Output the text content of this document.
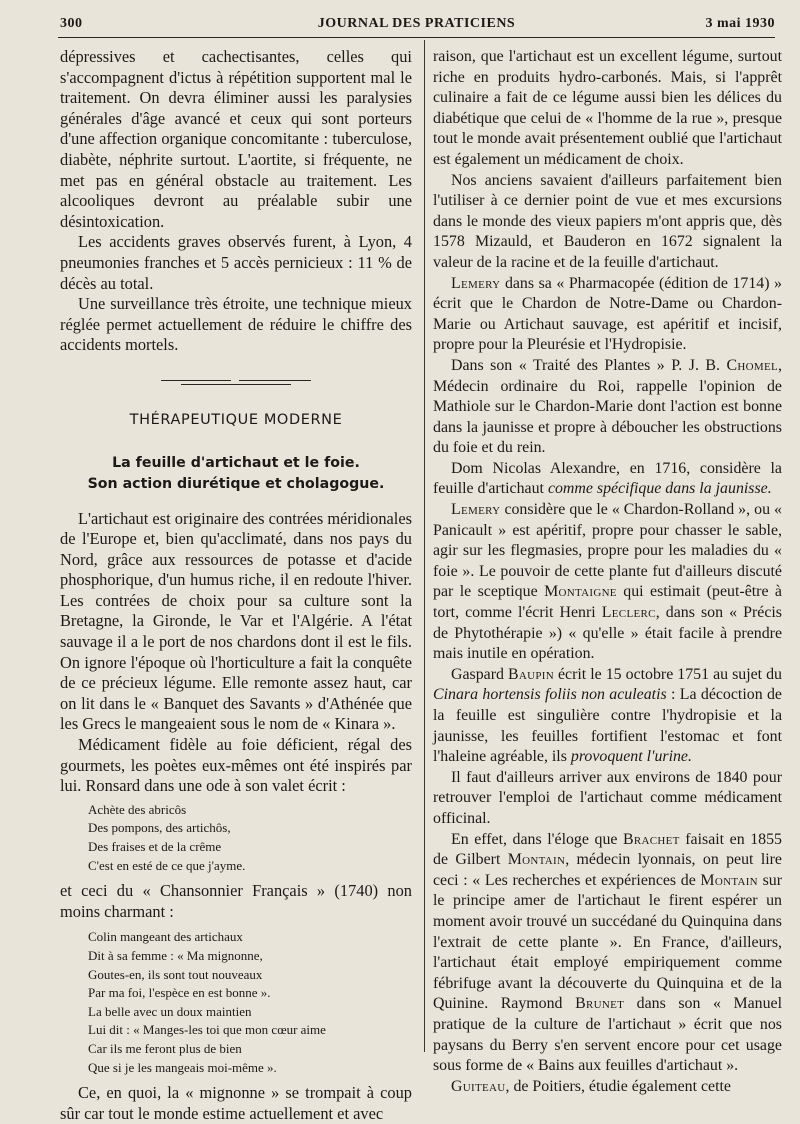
300	JOURNAL DES PRATICIENS	3 mai 1930

dépressives et cachectisantes, celles qui s'accompagnent d'ictus à répétition supportent mal le traitement. On devra éliminer aussi les paralysies générales d'âge avancé et ceux qui sont porteurs d'une affection organique concomitante : tuberculose, diabète, néphrite surtout. L'aortite, si fréquente, ne met pas en général obstacle au traitement. Les alcooliques devront au préalable subir une désintoxication.

Les accidents graves observés furent, à Lyon, 4 pneumonies franches et 5 accès pernicieux : 11 % de décès au total.

Une surveillance très étroite, une technique mieux réglée permet actuellement de réduire le chiffre des accidents mortels.

THÉRAPEUTIQUE MODERNE
La feuille d'artichaut et le foie.
Son action diurétique et cholagogue.

L'artichaut est originaire des contrées méridionales de l'Europe et, bien qu'acclimaté, dans nos pays du Nord, grâce aux ressources de potasse et d'acide phosphorique, d'un humus riche, il en redoute l'hiver. Les contrées de choix pour sa culture sont la Bretagne, la Gironde, le Var et l'Algérie. A l'état sauvage il a le port de nos chardons dont il est le fils. On ignore l'époque où l'horticulture a fait la conquête de ce précieux légume. Elle remonte assez haut, car on lit dans le « Banquet des Savants » d'Athénée que les Grecs le mangeaient sous le nom de « Kinara ».

Médicament fidèle au foie déficient, régal des gourmets, les poètes eux-mêmes ont été inspirés par lui. Ronsard dans une ode à son valet écrit :

Achète des abricôs
Des pompons, des artichôs,
Des fraises et de la crême
C'est en esté de ce que j'ayme.

et ceci du « Chansonnier Français » (1740) non moins charmant :

Colin mangeant des artichaux
Dit à sa femme : « Ma mignonne,
Goutes-en, ils sont tout nouveaux
Par ma foi, l'espèce en est bonne ».
La belle avec un doux maintien
Lui dit : « Manges-les toi que mon cœur aime
Car ils me feront plus de bien
Que si je les mangeais moi-même ».

Ce, en quoi, la « mignonne » se trompait à coup sûr car tout le monde estime actuellement et avec

raison, que l'artichaut est un excellent légume, surtout riche en produits hydro-carbonés. Mais, si l'apprêt culinaire a fait de ce légume aussi bien les délices du diabétique que celui de « l'homme de la rue », presque tout le monde avait présentement oublié que l'artichaut est également un médicament de choix.

Nos anciens savaient d'ailleurs parfaitement bien l'utiliser à ce dernier point de vue et mes excursions dans le monde des vieux papiers m'ont appris que, dès 1578 Mizauld, et Bauderon en 1672 signalent la valeur de la racine et de la feuille d'artichaut.

Lemery dans sa « Pharmacopée (édition de 1714) » écrit que le Chardon de Notre-Dame ou Chardon-Marie ou Artichaut sauvage, est apéritif et incisif, propre pour la Pleurésie et l'Hydropisie.

Dans son « Traité des Plantes » P. J. B. Chomel, Médecin ordinaire du Roi, rappelle l'opinion de Mathiole sur le Chardon-Marie dont l'action est bonne dans la jaunisse et propre à déboucher les obstructions du foie et du rein.

Dom Nicolas Alexandre, en 1716, considère la feuille d'artichaut comme spécifique dans la jaunisse.

Lemery considère que le « Chardon-Rolland », ou « Panicault » est apéritif, propre pour chasser le sable, agir sur les flegmasies, propre pour les maladies du « foie ». Le pouvoir de cette plante fut d'ailleurs discuté par le sceptique Montaigne qui estimait (peut-être à tort, comme l'écrit Henri Leclerc, dans son « Précis de Phytothérapie ») « qu'elle » était facile à prendre mais inutile en opération.

Gaspard Baupin écrit le 15 octobre 1751 au sujet du Cinara hortensis foliis non aculeatis : La décoction de la feuille est singulière contre l'hydropisie et la jaunisse, les feuilles fortifient l'estomac et font l'haleine agréable, ils provoquent l'urine.

Il faut d'ailleurs arriver aux environs de 1840 pour retrouver l'emploi de l'artichaut comme médicament officinal.

En effet, dans l'éloge que Brachet faisait en 1855 de Gilbert Montain, médecin lyonnais, on peut lire ceci : « Les recherches et expériences de Montain sur le principe amer de l'artichaut le firent espérer un moment avoir trouvé un succédané du Quinquina dans l'extrait de cette plante ». En France, d'ailleurs, l'artichaut était employé empiriquement comme fébrifuge avant la découverte du Quinquina et de la Quinine. Raymond Brunet dans son « Manuel pratique de la culture de l'artichaut » écrit que nos paysans du Berry s'en servent encore pour cet usage sous forme de « Bains aux feuilles d'artichaut ».

Guiteau, de Poitiers, étudie également cette
